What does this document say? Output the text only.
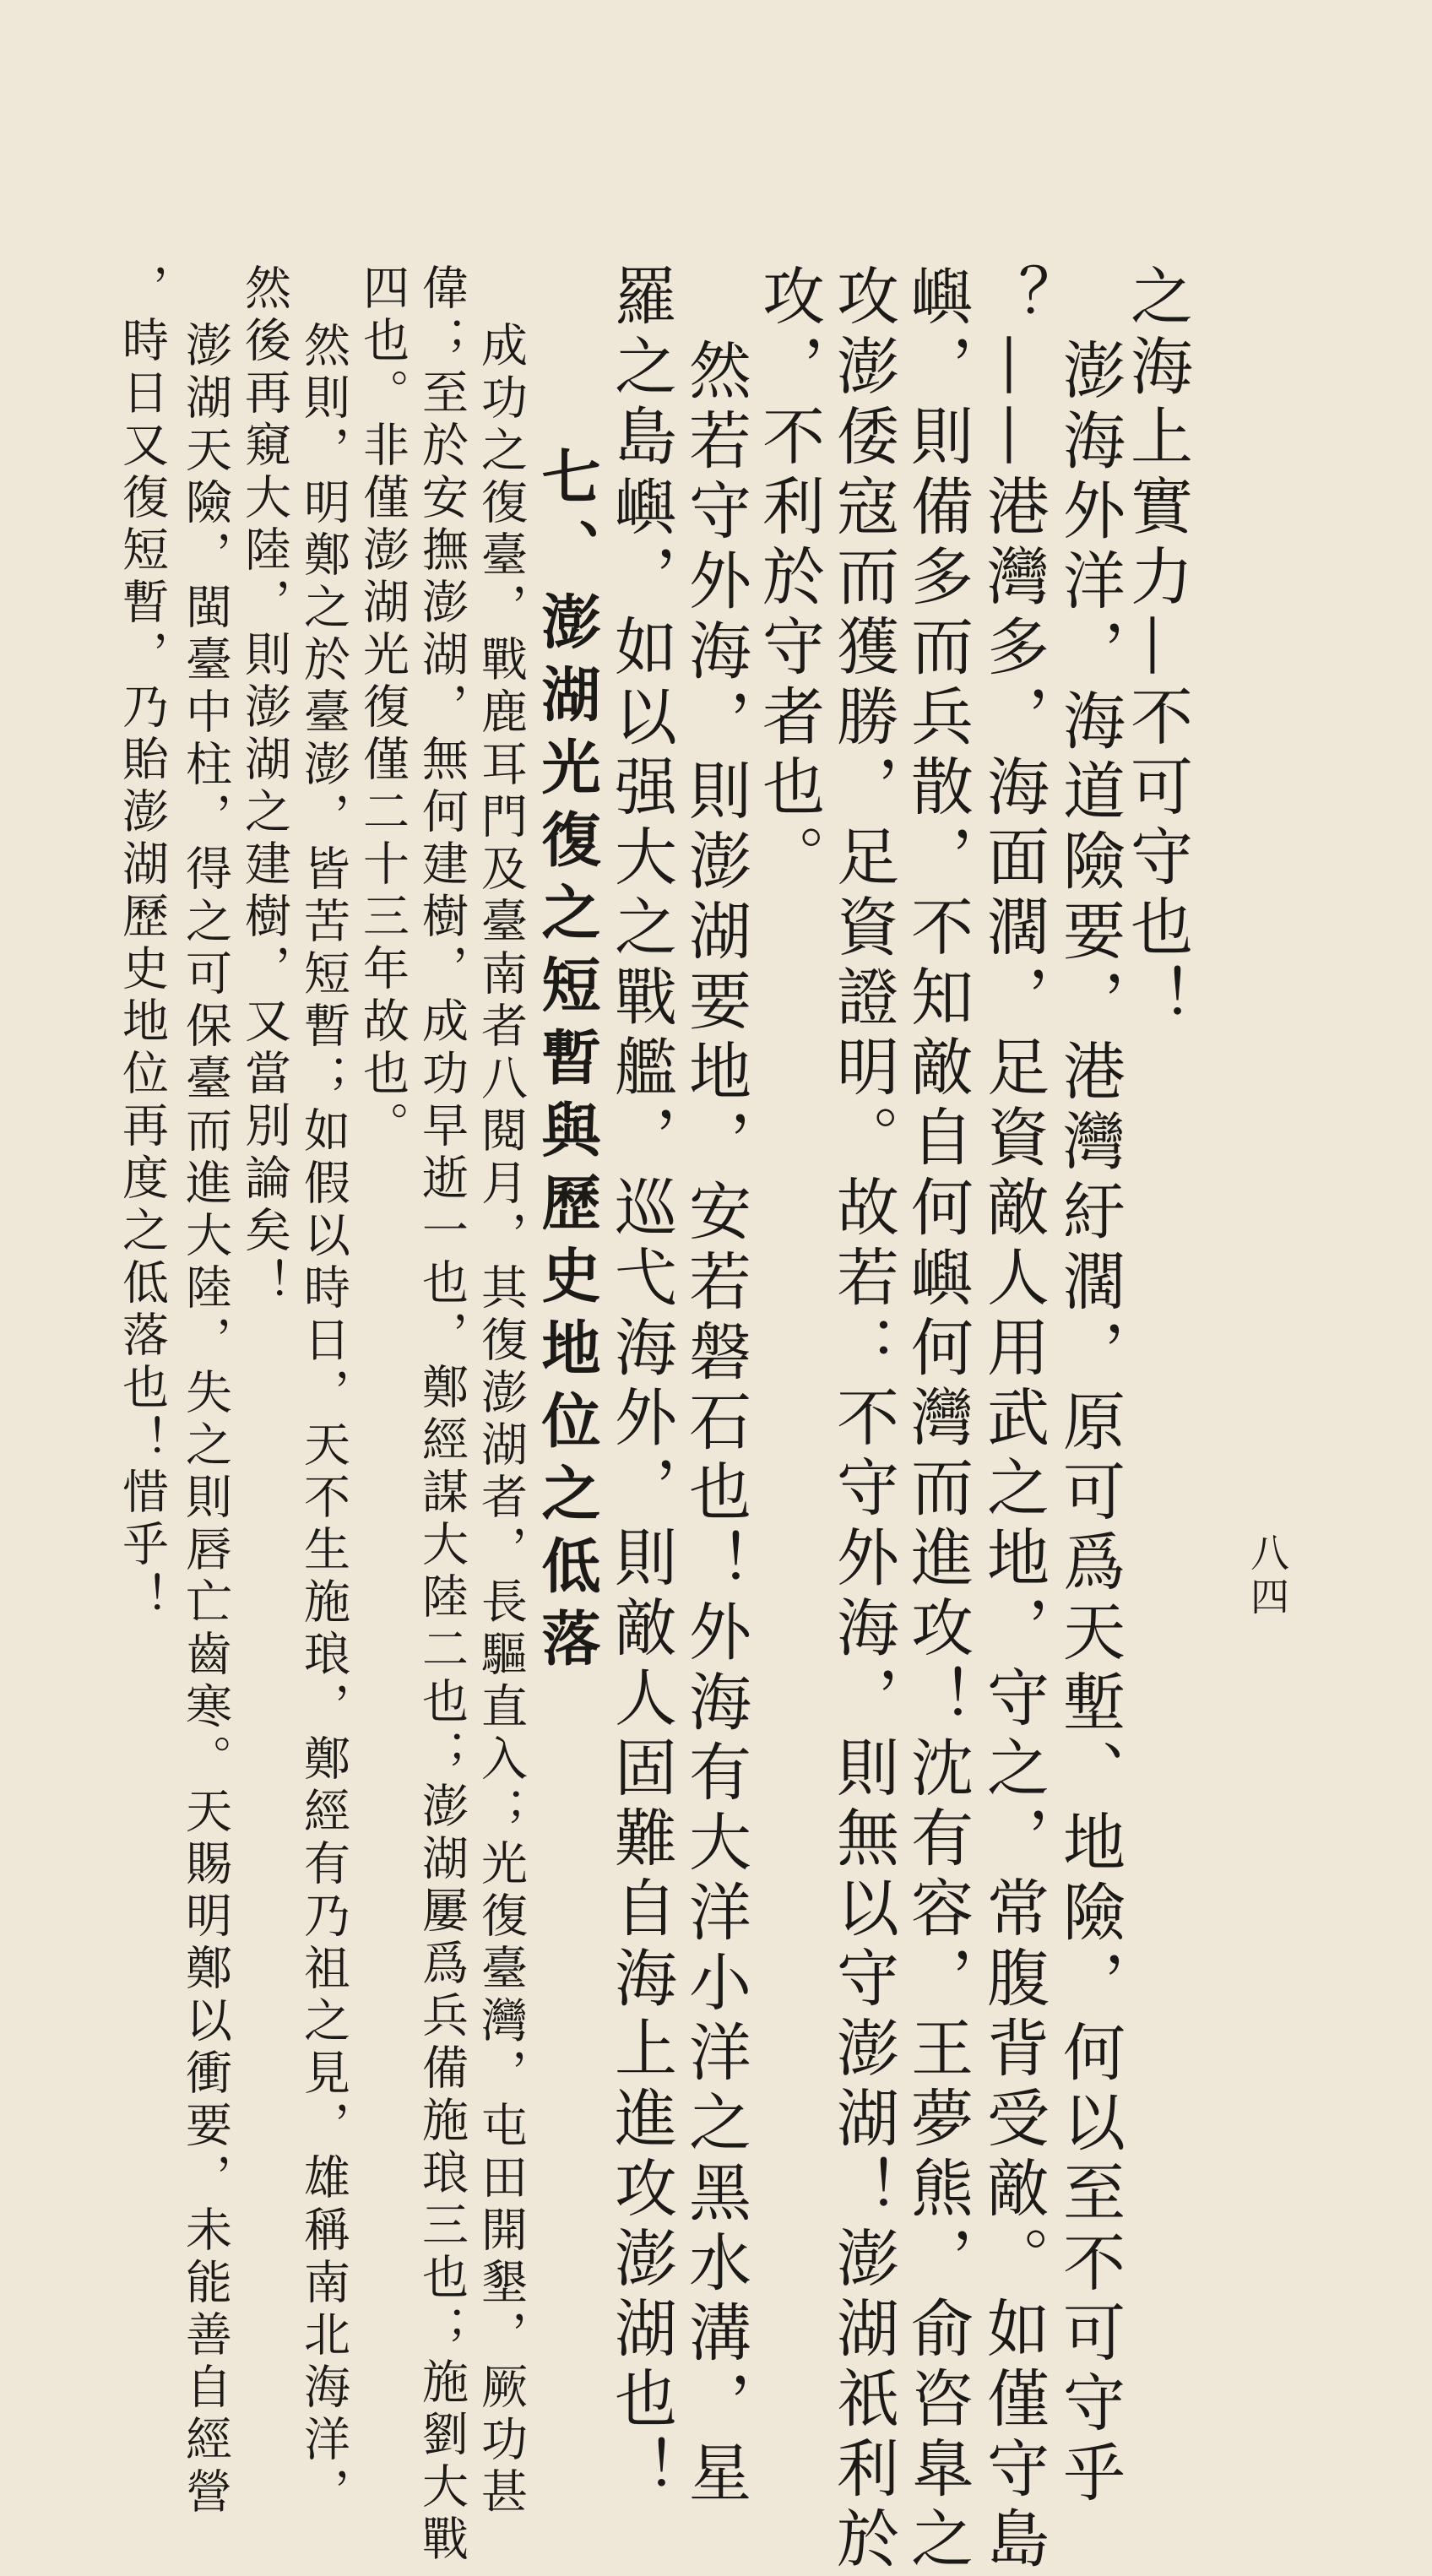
八四
之海上實力—不可守也！
澎海外洋，海道險要，港灣紆濶，原可爲天塹、地險，何以至不可守乎
？——港灣多，海面濶，足資敵人用武之地，守之，常腹背受敵。如僅守島
嶼，則備多而兵散，不知敵自何嶼何灣而進攻！沈有容，王夢熊，俞咨臯之
攻澎倭寇而獲勝，足資證明。故若：不守外海，則無以守澎湖！澎湖祇利於
攻，不利於守者也。
然若守外海，則澎湖要地，安若磐石也！外海有大洋小洋之黑水溝，星
羅之島嶼，如以强大之戰艦，巡弋海外，則敵人固難自海上進攻澎湖也！
七、澎湖光復之短暫與歷史地位之低落
成功之復臺，戰鹿耳門及臺南者八閱月，其復澎湖者，長驅直入；光復臺灣，屯田開墾，厥功甚
偉；至於安撫澎湖，無何建樹，成功早逝一也，鄭經謀大陸二也；澎湖屢爲兵備施琅三也；施劉大戰
四也。非僅澎湖光復僅二十三年故也。
然則，明鄭之於臺澎，皆苦短暫；如假以時日，天不生施琅，鄭經有乃祖之見，雄稱南北海洋，
然後再窺大陸，則澎湖之建樹，又當別論矣！
澎湖天險，閩臺中柱，得之可保臺而進大陸，失之則唇亡齒寒。天賜明鄭以衝要，未能善自經營
，時日又復短暫，乃貽澎湖歷史地位再度之低落也！惜乎！
